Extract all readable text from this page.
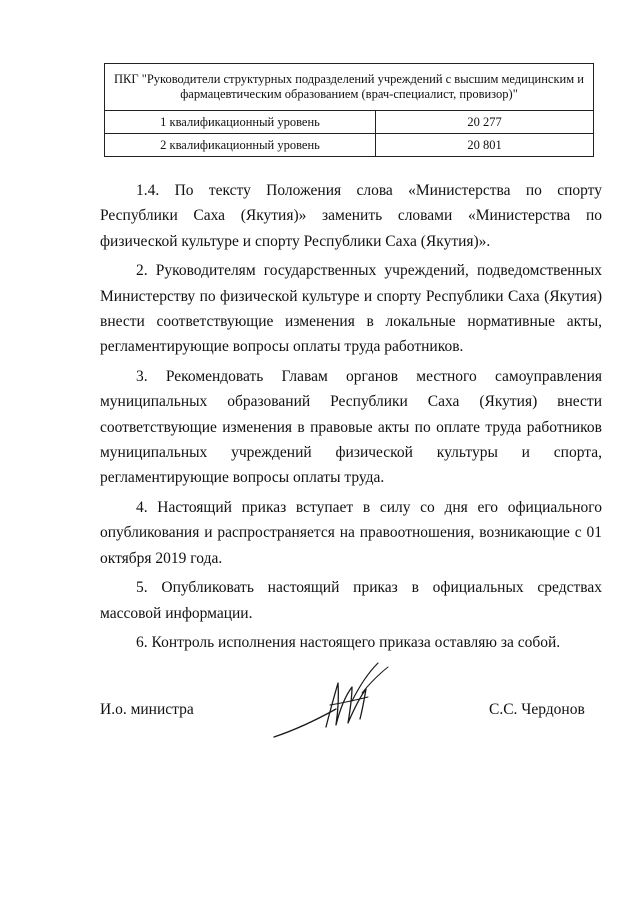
ПКГ "Руководители структурных подразделений учреждений с высшим медицинским и фармацевтическим образованием (врач-специалист, провизор)"	
1 квалификационный уровень	20 277
2 квалификационный уровень	20 801

1.4. По тексту Положения слова «Министерства по спорту Республики Саха (Якутия)» заменить словами «Министерства по физической культуре и спорту Республики Саха (Якутия)».

2. Руководителям государственных учреждений, подведомственных Министерству по физической культуре и спорту Республики Саха (Якутия) внести соответствующие изменения в локальные нормативные акты, регламентирующие вопросы оплаты труда работников.

3. Рекомендовать Главам органов местного самоуправления муниципальных образований Республики Саха (Якутия) внести соответствующие изменения в правовые акты по оплате труда работников муниципальных учреждений физической культуры и спорта, регламентирующие вопросы оплаты труда.

4. Настоящий приказ вступает в силу со дня его официального опубликования и распространяется на правоотношения, возникающие с 01 октября 2019 года.

5. Опубликовать настоящий приказ в официальных средствах массовой информации.

6. Контроль исполнения настоящего приказа оставляю за собой.

И.о. министра	С.С. Чердонов
